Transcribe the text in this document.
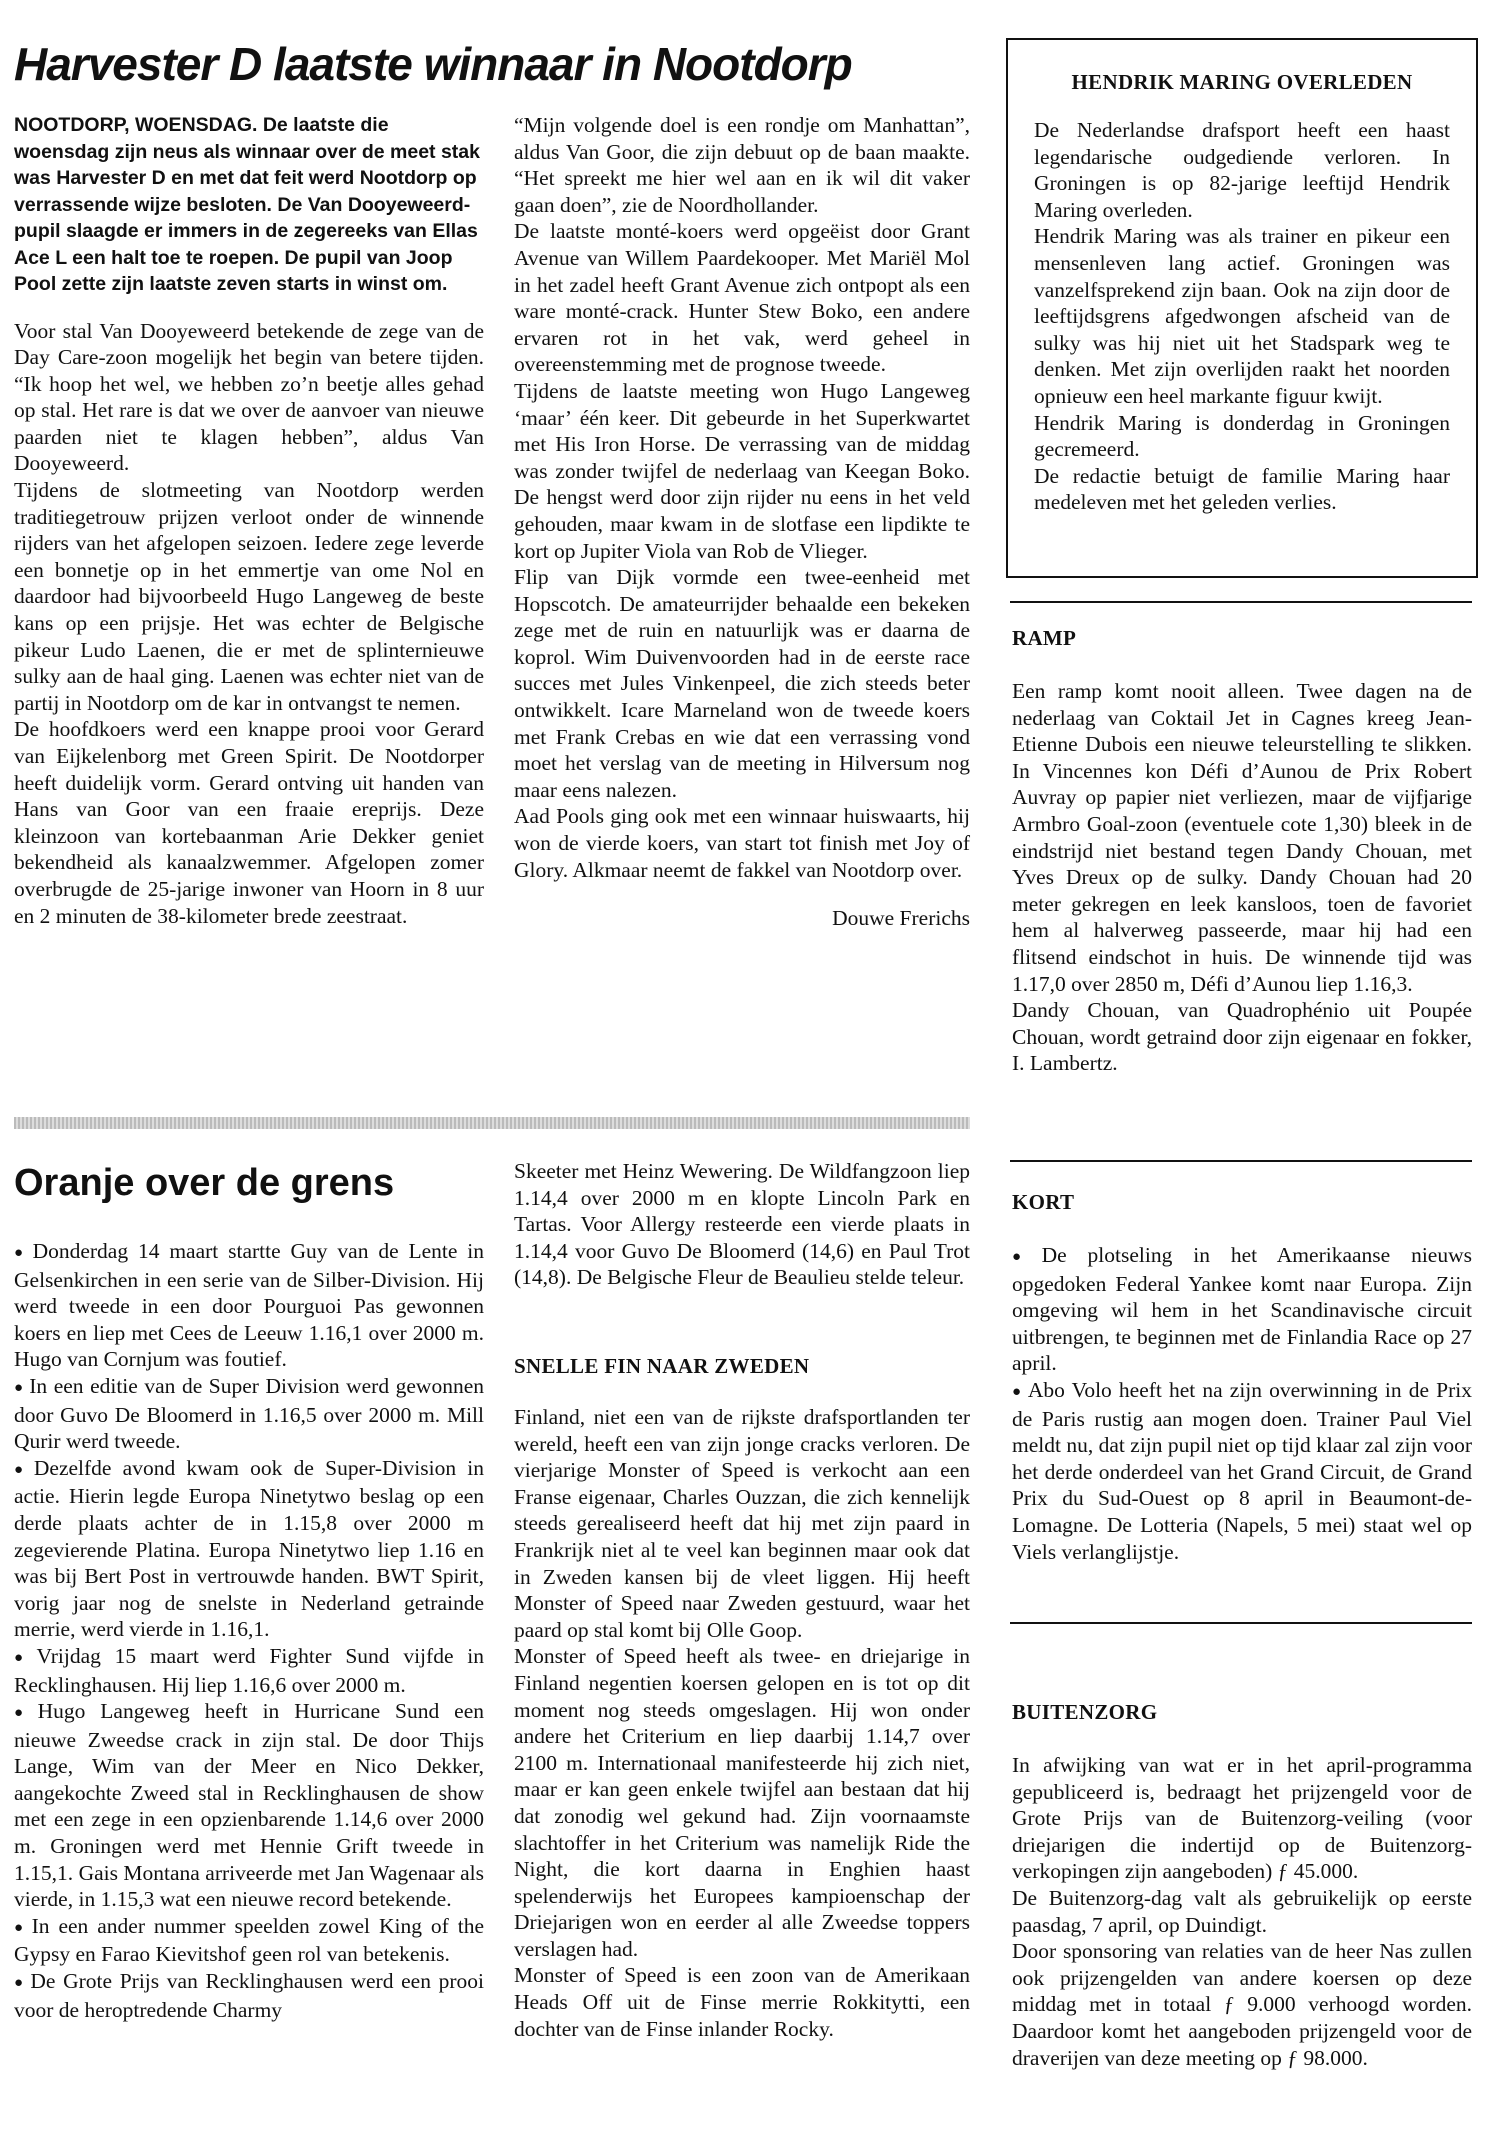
Harvester D laatste winnaar in Nootdorp

NOOTDORP, WOENSDAG. De laatste die woensdag zijn neus als winnaar over de meet stak was Harvester D en met dat feit werd Nootdorp op verrassende wijze besloten. De Van Dooyeweerd-pupil slaagde er immers in de zegereeks van Ellas Ace L een halt toe te roepen. De pupil van Joop Pool zette zijn laatste zeven starts in winst om.

Voor stal Van Dooyeweerd betekende de zege van de Day Care-zoon mogelijk het begin van betere tijden. “Ik hoop het wel, we hebben zo’n beetje alles gehad op stal. Het rare is dat we over de aanvoer van nieuwe paarden niet te klagen hebben”, aldus Van Dooyeweerd.

Tijdens de slotmeeting van Nootdorp werden traditiegetrouw prijzen verloot onder de winnende rijders van het afgelopen seizoen. Iedere zege leverde een bonnetje op in het emmertje van ome Nol en daardoor had bijvoorbeeld Hugo Langeweg de beste kans op een prijsje. Het was echter de Belgische pikeur Ludo Laenen, die er met de splinternieuwe sulky aan de haal ging. Laenen was echter niet van de partij in Nootdorp om de kar in ontvangst te nemen.

De hoofdkoers werd een knappe prooi voor Gerard van Eijkelenborg met Green Spirit. De Nootdorper heeft duidelijk vorm. Gerard ontving uit handen van Hans van Goor van een fraaie ereprijs. Deze kleinzoon van kortebaanman Arie Dekker geniet bekendheid als kanaalzwemmer. Afgelopen zomer overbrugde de 25-jarige inwoner van Hoorn in 8 uur en 2 minuten de 38-kilometer brede zeestraat.

“Mijn volgende doel is een rondje om Manhattan”, aldus Van Goor, die zijn debuut op de baan maakte. “Het spreekt me hier wel aan en ik wil dit vaker gaan doen”, zie de Noordhollander.

De laatste monté-koers werd opgeëist door Grant Avenue van Willem Paardekooper. Met Mariël Mol in het zadel heeft Grant Avenue zich ontpopt als een ware monté-crack. Hunter Stew Boko, een andere ervaren rot in het vak, werd geheel in overeenstemming met de prognose tweede.

Tijdens de laatste meeting won Hugo Langeweg ‘maar’ één keer. Dit gebeurde in het Superkwartet met His Iron Horse. De verrassing van de middag was zonder twijfel de nederlaag van Keegan Boko. De hengst werd door zijn rijder nu eens in het veld gehouden, maar kwam in de slotfase een lipdikte te kort op Jupiter Viola van Rob de Vlieger.

Flip van Dijk vormde een twee-eenheid met Hopscotch. De amateurrijder behaalde een bekeken zege met de ruin en natuurlijk was er daarna de koprol. Wim Duivenvoorden had in de eerste race succes met Jules Vinkenpeel, die zich steeds beter ontwikkelt. Icare Marneland won de tweede koers met Frank Crebas en wie dat een verrassing vond moet het verslag van de meeting in Hilversum nog maar eens nalezen.

Aad Pools ging ook met een winnaar huiswaarts, hij won de vierde koers, van start tot finish met Joy of Glory. Alkmaar neemt de fakkel van Nootdorp over.

Douwe Frerichs

HENDRIK MARING OVERLEDEN

De Nederlandse drafsport heeft een haast legendarische oudgediende verloren. In Groningen is op 82-jarige leeftijd Hendrik Maring overleden.

Hendrik Maring was als trainer en pikeur een mensenleven lang actief. Groningen was vanzelfsprekend zijn baan. Ook na zijn door de leeftijdsgrens afgedwongen afscheid van de sulky was hij niet uit het Stadspark weg te denken. Met zijn overlijden raakt het noorden opnieuw een heel markante figuur kwijt.

Hendrik Maring is donderdag in Groningen gecremeerd.

De redactie betuigt de familie Maring haar medeleven met het geleden verlies.

RAMP

Een ramp komt nooit alleen. Twee dagen na de nederlaag van Coktail Jet in Cagnes kreeg Jean-Etienne Dubois een nieuwe teleurstelling te slikken. In Vincennes kon Défi d’Aunou de Prix Robert Auvray op papier niet verliezen, maar de vijfjarige Armbro Goal-zoon (eventuele cote 1,30) bleek in de eindstrijd niet bestand tegen Dandy Chouan, met Yves Dreux op de sulky. Dandy Chouan had 20 meter gekregen en leek kansloos, toen de favoriet hem al halverweg passeerde, maar hij had een flitsend eindschot in huis. De winnende tijd was 1.17,0 over 2850 m, Défi d’Aunou liep 1.16,3.

Dandy Chouan, van Quadrophénio uit Poupée Chouan, wordt getraind door zijn eigenaar en fokker, I. Lambertz.

KORT

● De plotseling in het Amerikaanse nieuws opgedoken Federal Yankee komt naar Europa. Zijn omgeving wil hem in het Scandinavische circuit uitbrengen, te beginnen met de Finlandia Race op 27 april.

● Abo Volo heeft het na zijn overwinning in de Prix de Paris rustig aan mogen doen. Trainer Paul Viel meldt nu, dat zijn pupil niet op tijd klaar zal zijn voor het derde onderdeel van het Grand Circuit, de Grand Prix du Sud-Ouest op 8 april in Beaumont-de-Lomagne. De Lotteria (Napels, 5 mei) staat wel op Viels verlanglijstje.

BUITENZORG

In afwijking van wat er in het april-programma gepubliceerd is, bedraagt het prijzengeld voor de Grote Prijs van de Buitenzorg-veiling (voor driejarigen die indertijd op de Buitenzorg-verkopingen zijn aangeboden) ƒ 45.000.

De Buitenzorg-dag valt als gebruikelijk op eerste paasdag, 7 april, op Duindigt.

Door sponsoring van relaties van de heer Nas zullen ook prijzengelden van andere koersen op deze middag met in totaal ƒ 9.000 verhoogd worden. Daardoor komt het aangeboden prijzengeld voor de draverijen van deze meeting op ƒ 98.000.

Oranje over de grens

● Donderdag 14 maart startte Guy van de Lente in Gelsenkirchen in een serie van de Silber-Division. Hij werd tweede in een door Pourguoi Pas gewonnen koers en liep met Cees de Leeuw 1.16,1 over 2000 m. Hugo van Cornjum was foutief.

● In een editie van de Super Division werd gewonnen door Guvo De Bloomerd in 1.16,5 over 2000 m. Mill Qurir werd tweede.

● Dezelfde avond kwam ook de Super-Division in actie. Hierin legde Europa Ninetytwo beslag op een derde plaats achter de in 1.15,8 over 2000 m zegevierende Platina. Europa Ninetytwo liep 1.16 en was bij Bert Post in vertrouwde handen. BWT Spirit, vorig jaar nog de snelste in Nederland getrainde merrie, werd vierde in 1.16,1.

● Vrijdag 15 maart werd Fighter Sund vijfde in Recklinghausen. Hij liep 1.16,6 over 2000 m.

● Hugo Langeweg heeft in Hurricane Sund een nieuwe Zweedse crack in zijn stal. De door Thijs Lange, Wim van der Meer en Nico Dekker, aangekochte Zweed stal in Recklinghausen de show met een zege in een opzienbarende 1.14,6 over 2000 m. Groningen werd met Hennie Grift tweede in 1.15,1. Gais Montana arriveerde met Jan Wagenaar als vierde, in 1.15,3 wat een nieuwe record betekende.

● In een ander nummer speelden zowel King of the Gypsy en Farao Kievitshof geen rol van betekenis.

● De Grote Prijs van Recklinghausen werd een prooi voor de heroptredende Charmy

Skeeter met Heinz Wewering. De Wildfangzoon liep 1.14,4 over 2000 m en klopte Lincoln Park en Tartas. Voor Allergy resteerde een vierde plaats in 1.14,4 voor Guvo De Bloomerd (14,6) en Paul Trot (14,8). De Belgische Fleur de Beaulieu stelde teleur.

SNELLE FIN NAAR ZWEDEN

Finland, niet een van de rijkste drafsportlanden ter wereld, heeft een van zijn jonge cracks verloren. De vierjarige Monster of Speed is verkocht aan een Franse eigenaar, Charles Ouzzan, die zich kennelijk steeds gerealiseerd heeft dat hij met zijn paard in Frankrijk niet al te veel kan beginnen maar ook dat in Zweden kansen bij de vleet liggen. Hij heeft Monster of Speed naar Zweden gestuurd, waar het paard op stal komt bij Olle Goop.

Monster of Speed heeft als twee- en driejarige in Finland negentien koersen gelopen en is tot op dit moment nog steeds omgeslagen. Hij won onder andere het Criterium en liep daarbij 1.14,7 over 2100 m. Internationaal manifesteerde hij zich niet, maar er kan geen enkele twijfel aan bestaan dat hij dat zonodig wel gekund had. Zijn voornaamste slachtoffer in het Criterium was namelijk Ride the Night, die kort daarna in Enghien haast spelenderwijs het Europees kampioenschap der Driejarigen won en eerder al alle Zweedse toppers verslagen had.

Monster of Speed is een zoon van de Amerikaan Heads Off uit de Finse merrie Rokkitytti, een dochter van de Finse inlander Rocky.
